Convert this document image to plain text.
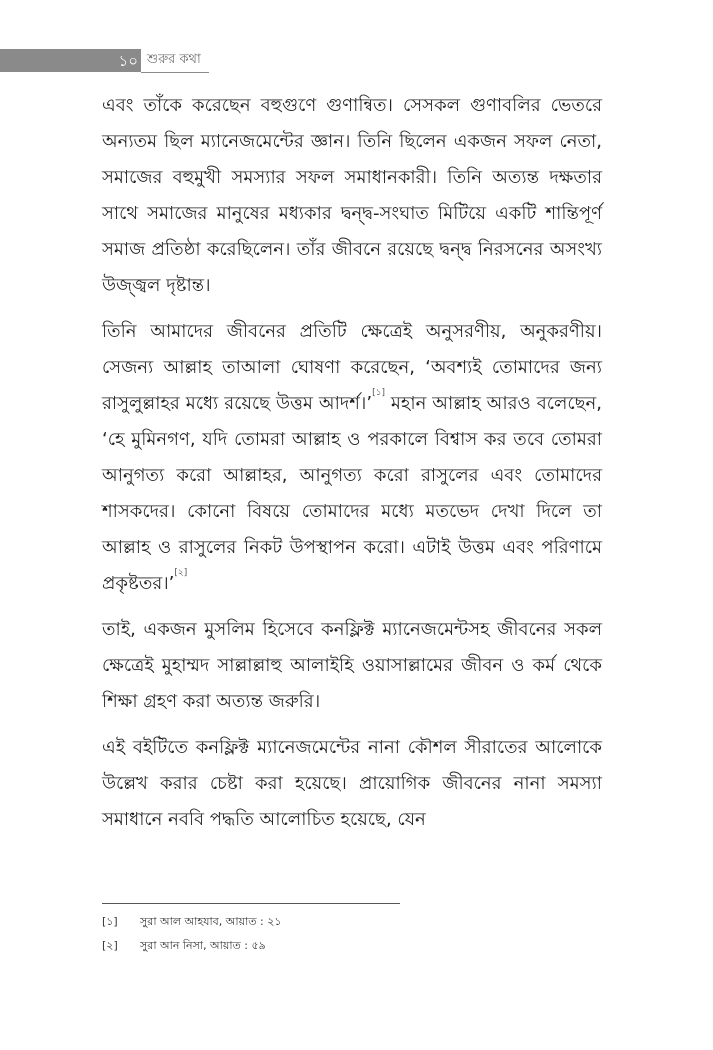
১০ শুরুর কথা

এবং তাঁকে করেছেন বহুগুণে গুণান্বিত। সেসকল গুণাবলির ভেতরে অন্যতম ছিল ম্যানেজমেন্টের জ্ঞান। তিনি ছিলেন একজন সফল নেতা, সমাজের বহুমুখী সমস্যার সফল সমাধানকারী। তিনি অত্যন্ত দক্ষতার সাথে সমাজের মানুষের মধ্যকার দ্বন্দ্ব-সংঘাত মিটিয়ে একটি শান্তিপূর্ণ সমাজ প্রতিষ্ঠা করেছিলেন। তাঁর জীবনে রয়েছে দ্বন্দ্ব নিরসনের অসংখ্য উজ্জ্বল দৃষ্টান্ত।

তিনি আমাদের জীবনের প্রতিটি ক্ষেত্রেই অনুসরণীয়, অনুকরণীয়। সেজন্য আল্লাহ তাআলা ঘোষণা করেছেন, ‘অবশ্যই তোমাদের জন্য রাসুলুল্লাহর মধ্যে রয়েছে উত্তম আদর্শ।’[১] মহান আল্লাহ আরও বলেছেন, ‘হে মুমিনগণ, যদি তোমরা আল্লাহ ও পরকালে বিশ্বাস কর তবে তোমরা আনুগত্য করো আল্লাহর, আনুগত্য করো রাসুলের এবং তোমাদের শাসকদের। কোনো বিষয়ে তোমাদের মধ্যে মতভেদ দেখা দিলে তা আল্লাহ ও রাসুলের নিকট উপস্থাপন করো। এটাই উত্তম এবং পরিণামে প্রকৃষ্টতর।’[২]

তাই, একজন মুসলিম হিসেবে কনফ্লিক্ট ম্যানেজমেন্টসহ জীবনের সকল ক্ষেত্রেই মুহাম্মদ সাল্লাল্লাহু আলাইহি ওয়াসাল্লামের জীবন ও কর্ম থেকে শিক্ষা গ্রহণ করা অত্যন্ত জরুরি।

এই বইটিতে কনফ্লিক্ট ম্যানেজমেন্টের নানা কৌশল সীরাতের আলোকে উল্লেখ করার চেষ্টা করা হয়েছে। প্রায়োগিক জীবনের নানা সমস্যা সমাধানে নববি পদ্ধতি আলোচিত হয়েছে, যেন

[১] সুরা আল আহযাব, আয়াত : ২১
[২] সুরা আন নিসা, আয়াত : ৫৯
